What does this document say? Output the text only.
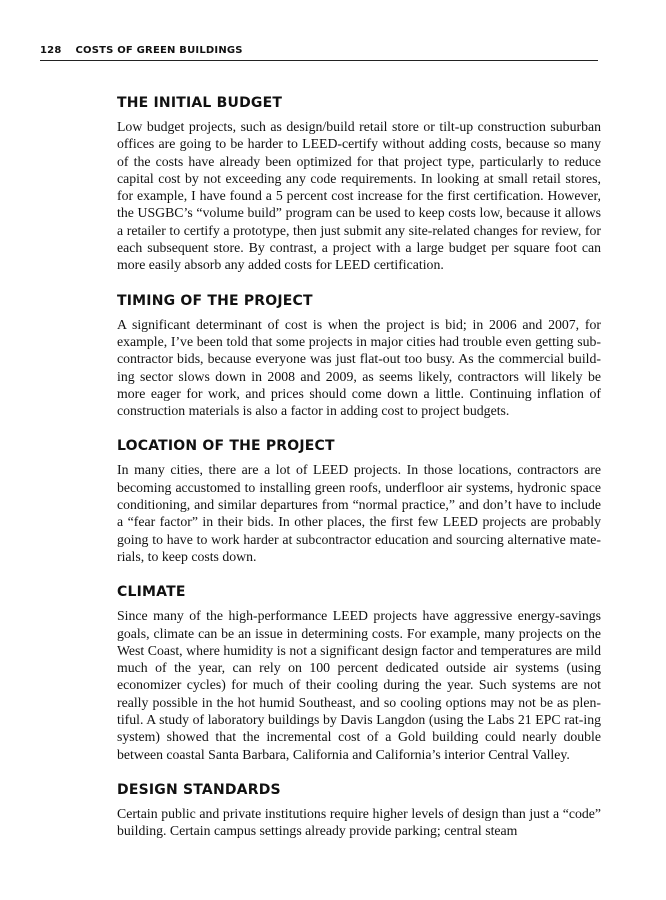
128 COSTS OF GREEN BUILDINGS
THE INITIAL BUDGET

Low budget projects, such as design/build retail store or tilt-up construction suburban offices are going to be harder to LEED-certify without adding costs, because so many of the costs have already been optimized for that project type, particularly to reduce capital cost by not exceeding any code requirements. In looking at small retail stores, for example, I have found a 5 percent cost increase for the first certification. However, the USGBC’s “volume build” program can be used to keep costs low, because it allows a retailer to certify a prototype, then just submit any site-related changes for review, for each subsequent store. By contrast, a project with a large budget per square foot can more easily absorb any added costs for LEED certification.

TIMING OF THE PROJECT

A significant determinant of cost is when the project is bid; in 2006 and 2007, for example, I’ve been told that some projects in major cities had trouble even getting sub-contractor bids, because everyone was just flat-out too busy. As the commercial build-ing sector slows down in 2008 and 2009, as seems likely, contractors will likely be more eager for work, and prices should come down a little. Continuing inflation of construction materials is also a factor in adding cost to project budgets.

LOCATION OF THE PROJECT

In many cities, there are a lot of LEED projects. In those locations, contractors are becoming accustomed to installing green roofs, underfloor air systems, hydronic space conditioning, and similar departures from “normal practice,” and don’t have to include a “fear factor” in their bids. In other places, the first few LEED projects are probably going to have to work harder at subcontractor education and sourcing alternative mate-rials, to keep costs down.

CLIMATE

Since many of the high-performance LEED projects have aggressive energy-savings goals, climate can be an issue in determining costs. For example, many projects on the West Coast, where humidity is not a significant design factor and temperatures are mild much of the year, can rely on 100 percent dedicated outside air systems (using economizer cycles) for much of their cooling during the year. Such systems are not really possible in the hot humid Southeast, and so cooling options may not be as plen-tiful. A study of laboratory buildings by Davis Langdon (using the Labs 21 EPC rat-ing system) showed that the incremental cost of a Gold building could nearly double between coastal Santa Barbara, California and California’s interior Central Valley.

DESIGN STANDARDS

Certain public and private institutions require higher levels of design than just a “code” building. Certain campus settings already provide parking; central steam
